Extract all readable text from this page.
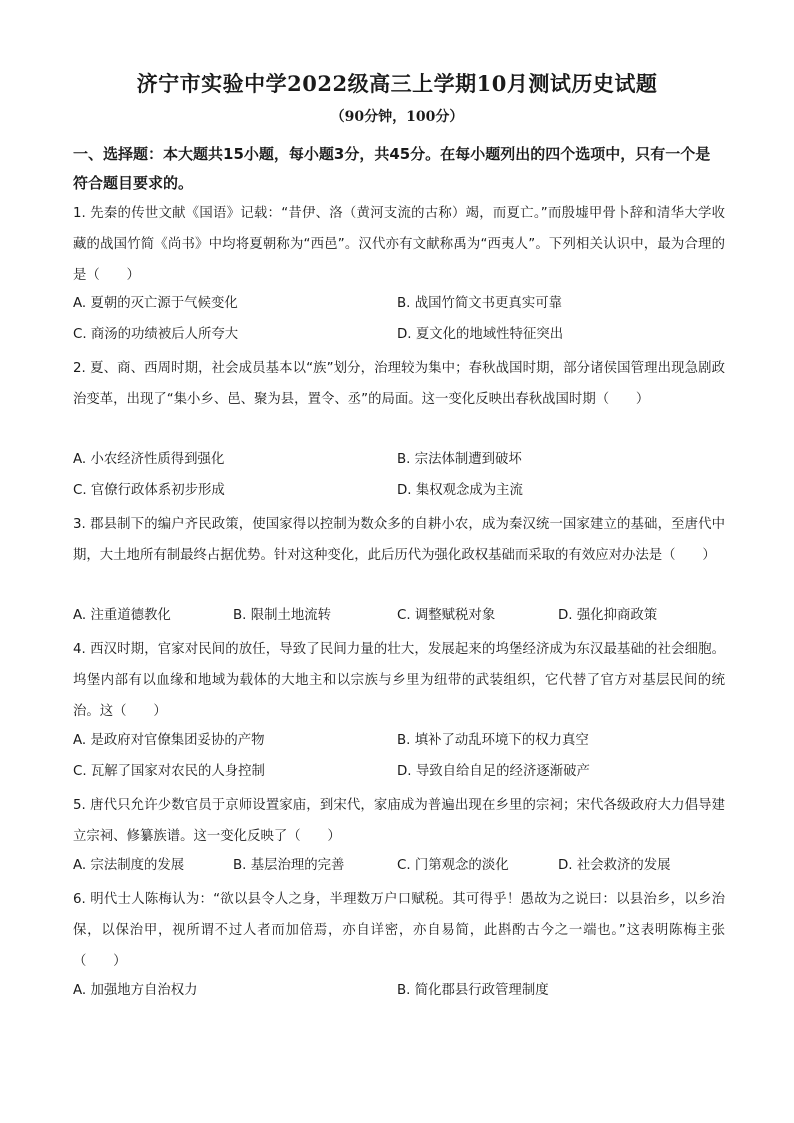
济宁市实验中学2022级高三上学期10月测试历史试题
（90分钟，100分）
一、选择题：本大题共15小题，每小题3分，共45分。在每小题列出的四个选项中，只有一个是符合题目要求的。
1. 先秦的传世文献《国语》记载：“昔伊、洛（黄河支流的古称）竭，而夏亡。”而殷墟甲骨卜辞和清华大学收藏的战国竹简《尚书》中均将夏朝称为“西邑”。汉代亦有文献称禹为“西夷人”。下列相关认识中，最为合理的是（　　）
A. 夏朝的灭亡源于气候变化	B. 战国竹简文书更真实可靠
C. 商汤的功绩被后人所夸大	D. 夏文化的地域性特征突出
2. 夏、商、西周时期，社会成员基本以“族”划分，治理较为集中；春秋战国时期，部分诸侯国管理出现急剧政治变革，出现了“集小乡、邑、聚为县，置令、丞”的局面。这一变化反映出春秋战国时期（　　）
A. 小农经济性质得到强化	B. 宗法体制遭到破坏
C. 官僚行政体系初步形成	D. 集权观念成为主流
3. 郡县制下的编户齐民政策，使国家得以控制为数众多的自耕小农，成为秦汉统一国家建立的基础，至唐代中期，大土地所有制最终占据优势。针对这种变化，此后历代为强化政权基础而采取的有效应对办法是（　　）
A. 注重道德教化	B. 限制土地流转	C. 调整赋税对象	D. 强化抑商政策
4. 西汉时期，官家对民间的放任，导致了民间力量的壮大，发展起来的坞堡经济成为东汉最基础的社会细胞。坞堡内部有以血缘和地域为载体的大地主和以宗族与乡里为纽带的武装组织，它代替了官方对基层民间的统治。这（　　）
A. 是政府对官僚集团妥协的产物	B. 填补了动乱环境下的权力真空
C. 瓦解了国家对农民的人身控制	D. 导致自给自足的经济逐渐破产
5. 唐代只允许少数官员于京师设置家庙，到宋代，家庙成为普遍出现在乡里的宗祠；宋代各级政府大力倡导建立宗祠、修纂族谱。这一变化反映了（　　）
A. 宗法制度的发展	B. 基层治理的完善	C. 门第观念的淡化	D. 社会救济的发展
6. 明代士人陈梅认为：“欲以县令人之身，半理数万户口赋税。其可得乎！愚故为之说曰：以县治乡，以乡治保，以保治甲，视所谓不过人者而加倍焉，亦自详密，亦自易简，此斟酌古今之一端也。”这表明陈梅主张（　　）
A. 加强地方自治权力	B. 简化郡县行政管理制度
